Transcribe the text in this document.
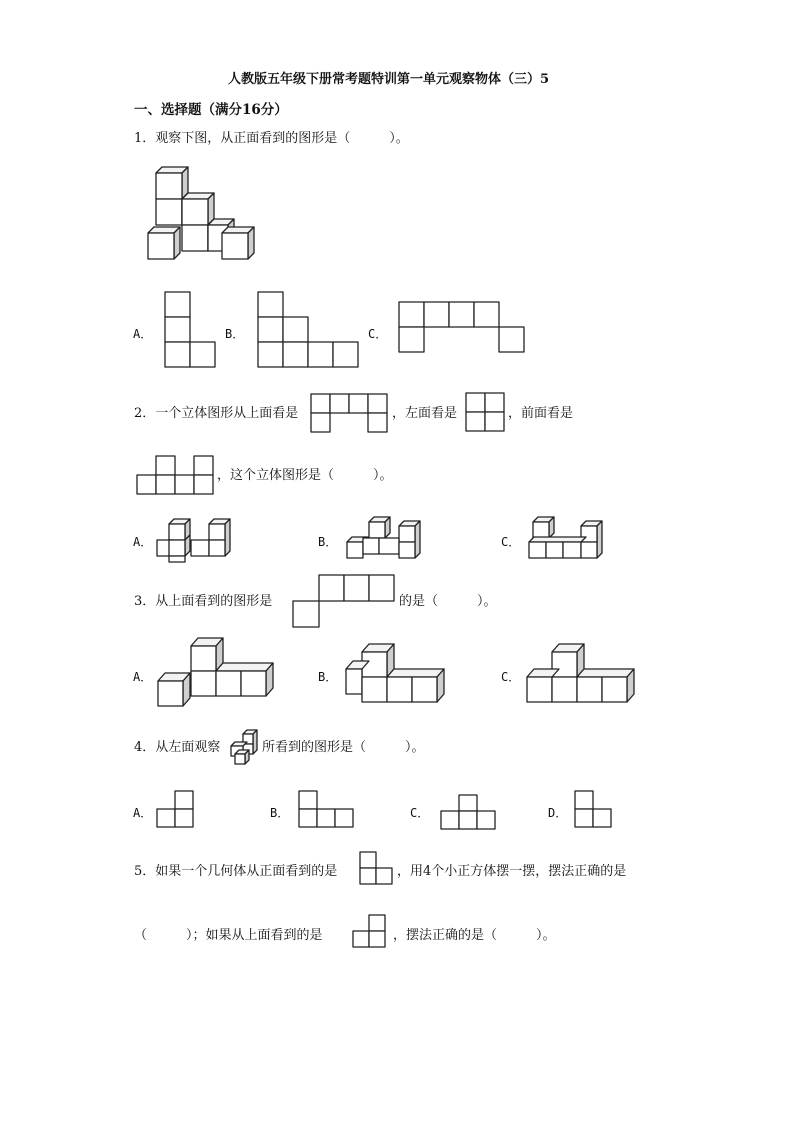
人教版五年级下册常考题特训第一单元观察物体（三）5
一、选择题（满分16分）
1．观察下图，从正面看到的图形是（　　　）。
A．	B．	C．
2．一个立体图形从上面看是	，左面看是	，前面看是
，这个立体图形是（　　　）。
A．	B．	C．
3．从上面看到的图形是	的是（　　　）。
A．	B．	C．
4．从左面观察	所看到的图形是（　　　）。
A．	B．	C．	D．
5．如果一个几何体从正面看到的是	，用4个小正方体摆一摆，摆法正确的是
（　　　）；如果从上面看到的是	，摆法正确的是（　　　）。
